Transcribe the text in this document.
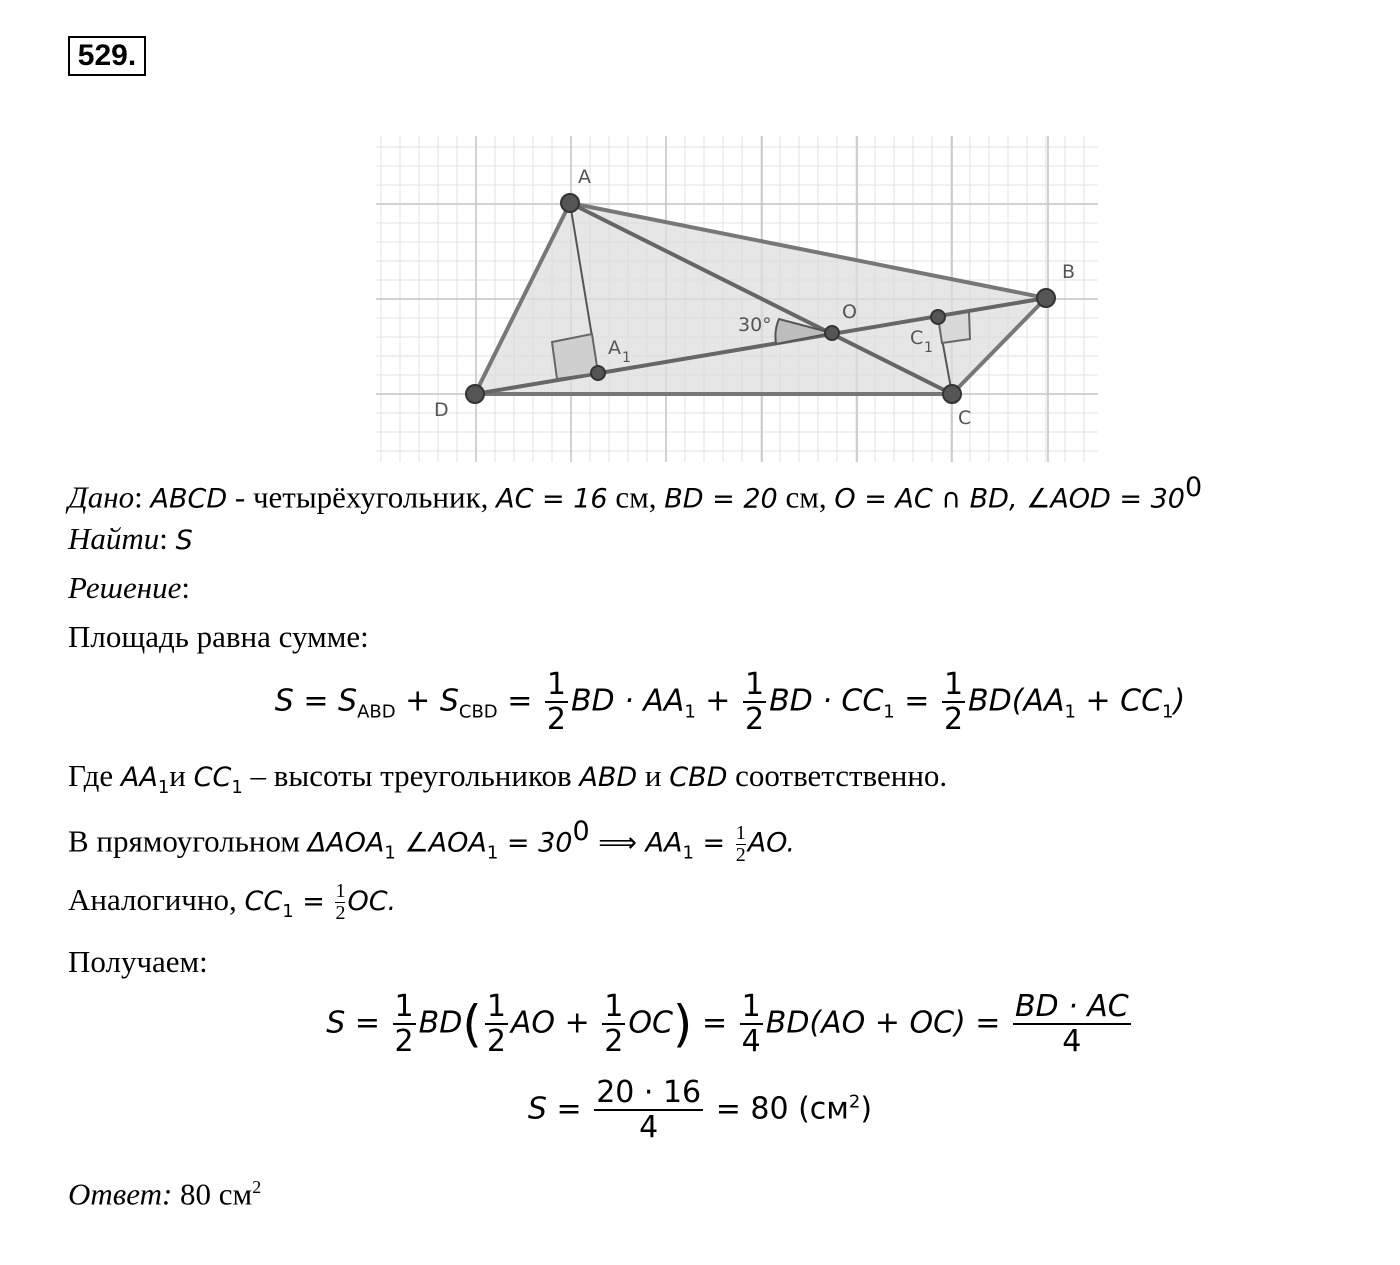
529.
A
B
C
D
O
A 1
C 1
30°
Дано: ABCD - четырёхугольник, AC = 16 см, BD = 20 см, O = AC ∩ BD, ∠AOD = $30^0$
Найти: S
Решение:
Площадь равна сумме:
$S = S_{ABD} + S_{CBD} = \frac{1}{2}$ BD · $AA_1 + \frac{1}{2}$ BD · $CC_1 = \frac{1}{2} BD(AA_1 + CC_1)$
Где $AA_1и$ $CC_1$ – высоты треугольников ABD и CBD соответственно.
В прямоугольном $\Delta AOA_1$ $\angle AOA_1 = 30^0$ ⟹ $AA_1 = \frac{1}{2}$ AO.
Аналогично, $CC_1 = \frac{1}{2}$ OC.
Получаем:
$S = \frac{1}{2} BD( \frac{1}{2}$ AO + $\frac{1}{2} OC) = \frac{1}{4} BD(AO + OC) = \frac{BD \cdot AC}{4}$
$S = \frac{20 \cdot 16}{4} = 80$ $(см^2)$
Ответ: 80 $см^2$
